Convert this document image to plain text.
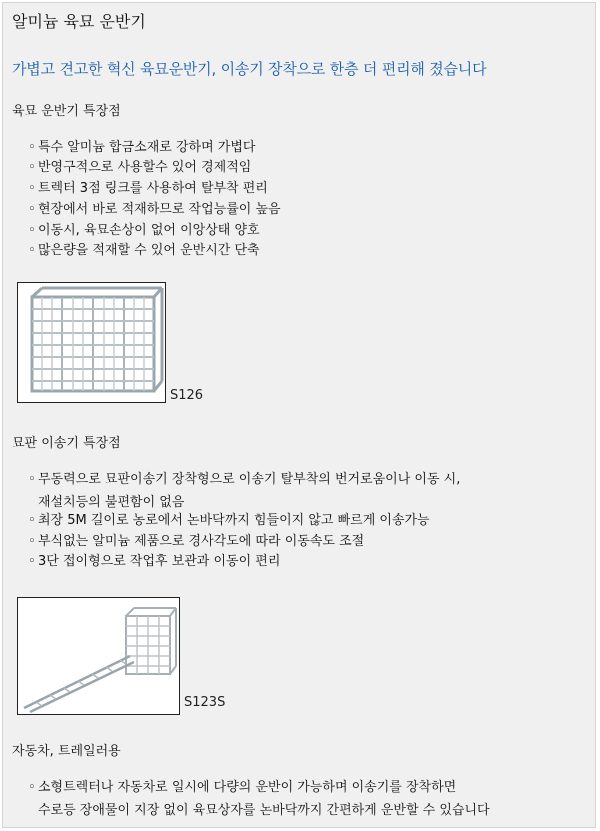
알미늄 육묘 운반기
가볍고 견고한 혁신 육묘운반기, 이송기 장착으로 한층 더 편리해 졌습니다
육묘 운반기 특장점
◦ 특수 알미늄 합금소재로 강하며 가볍다
◦ 반영구적으로 사용할수 있어 경제적임
◦ 트렉터 3점 링크를 사용하여 탈부착 편리
◦ 현장에서 바로 적재하므로 작업능률이 높음
◦ 이동시, 육묘손상이 없어 이앙상태 양호
◦ 많은량을 적재할 수 있어 운반시간 단축
S126
묘판 이송기 특장점
◦ 무동력으로 묘판이송기 장착형으로 이송기 탈부착의 번거로움이나 이동 시,
재설치등의 불편함이 없음
◦ 최장 5M 길이로 농로에서 논바닥까지 힘들이지 않고 빠르게 이송가능
◦ 부식없는 알미늄 제품으로 경사각도에 따라 이동속도 조절
◦ 3단 접이형으로 작업후 보관과 이동이 편리
S123S
자동차, 트레일러용
◦ 소형트렉터나 자동차로 일시에 다량의 운반이 가능하며 이송기를 장착하면
수로등 장애물이 지장 없이 육묘상자를 논바닥까지 간편하게 운반할 수 있습니다
